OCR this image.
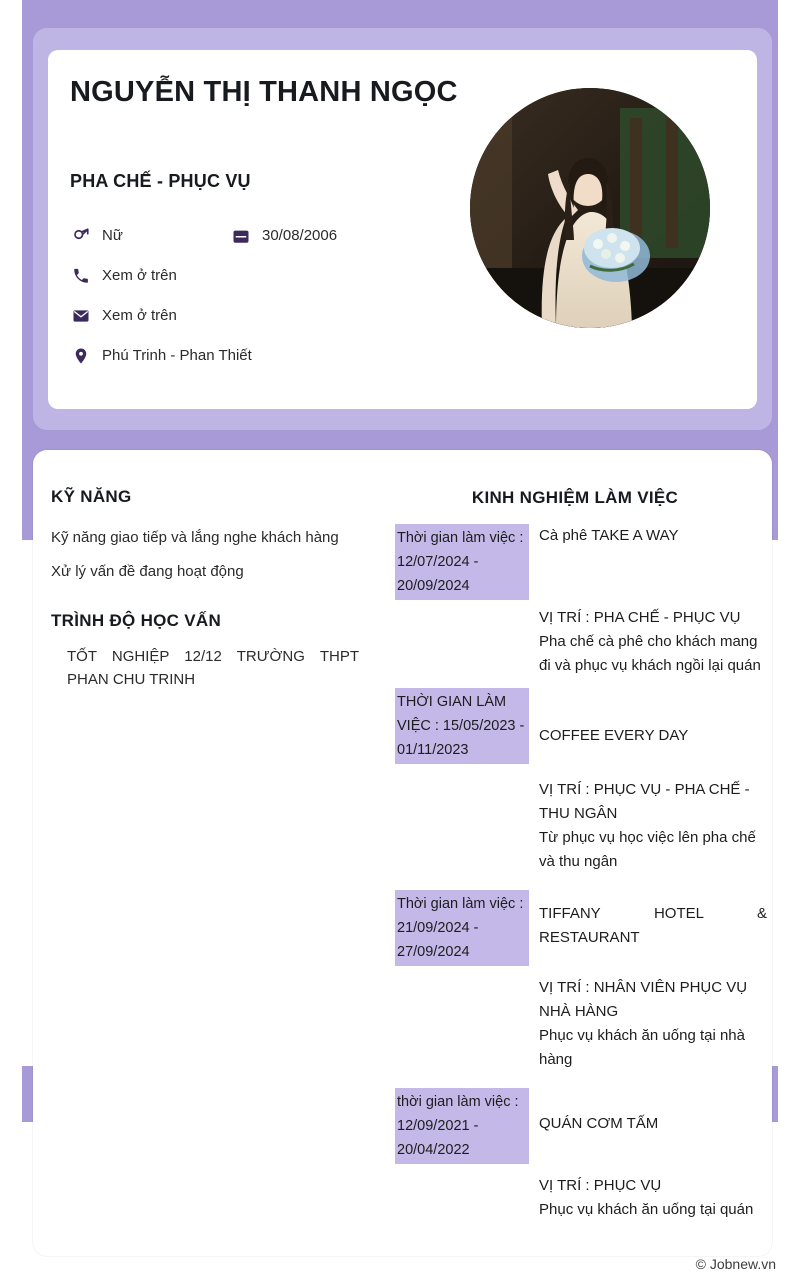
NGUYỄN THỊ THANH NGỌC
PHA CHẾ - PHỤC VỤ
Nữ	30/08/2006
Xem ở trên
Xem ở trên
Phú Trinh - Phan Thiết
KỸ NĂNG
Kỹ năng giao tiếp và lắng nghe khách hàng
Xử lý vấn đề đang hoạt động
TRÌNH ĐỘ HỌC VẤN
TỐT NGHIỆP 12/12 TRƯỜNG THPT PHAN CHU TRINH
KINH NGHIỆM LÀM VIỆC
Thời gian làm việc : 12/07/2024 - 20/09/2024
Cà phê TAKE A WAY
VỊ TRÍ : PHA CHẾ - PHỤC VỤ
Pha chế cà phê cho khách mang đi và phục vụ khách ngồi lại quán
THỜI GIAN LÀM VIỆC : 15/05/2023 - 01/11/2023
COFFEE EVERY DAY
VỊ TRÍ : PHỤC VỤ - PHA CHẾ - THU NGÂN
Từ phục vụ học việc lên pha chế và thu ngân
Thời gian làm việc : 21/09/2024 - 27/09/2024
TIFFANY HOTEL & RESTAURANT
VỊ TRÍ : NHÂN VIÊN PHỤC VỤ NHÀ HÀNG
Phục vụ khách ăn uống tại nhà hàng
thời gian làm việc : 12/09/2021 - 20/04/2022
QUÁN CƠM TẤM
VỊ TRÍ : PHỤC VỤ
Phục vụ khách ăn uống tại quán
© Jobnew.vn
